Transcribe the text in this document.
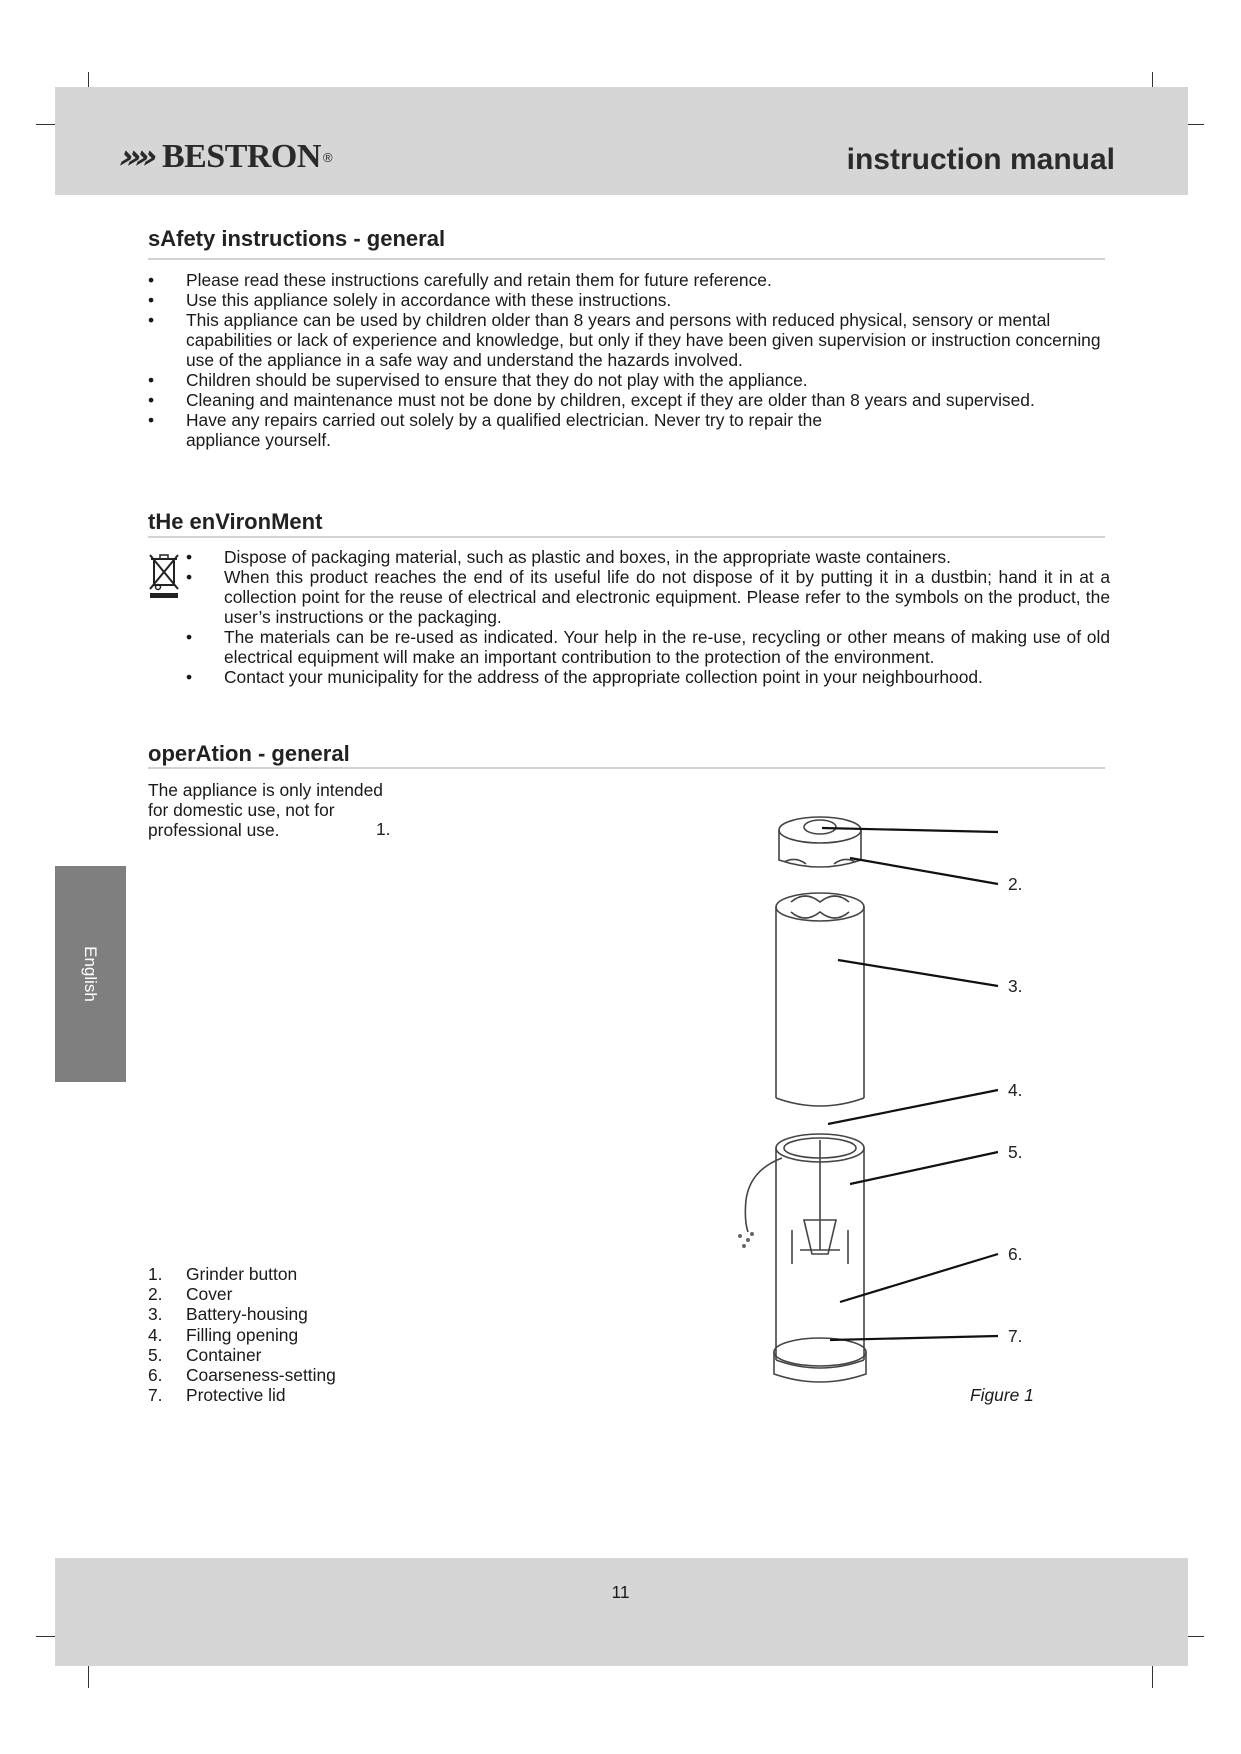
»» BESTRON ®	instruction manual
sAfety instructions - general
• Please read these instructions carefully and retain them for future reference.
• Use this appliance solely in accordance with these instructions.
• This appliance can be used by children older than 8 years and persons with reduced physical, sensory or mental capabilities or lack of experience and knowledge, but only if they have been given supervision or instruction concerning use of the appliance in a safe way and understand the hazards involved.
• Children should be supervised to ensure that they do not play with the appliance.
• Cleaning and maintenance must not be done by children, except if they are older than 8 years and supervised.
• Have any repairs carried out solely by a qualified electrician. Never try to repair the appliance yourself.
tHe enVironMent
• Dispose of packaging material, such as plastic and boxes, in the appropriate waste containers.
• When this product reaches the end of its useful life do not dispose of it by putting it in a dustbin; hand it in at a collection point for the reuse of electrical and electronic equipment. Please refer to the symbols on the product, the user’s instructions or the packaging.
• The materials can be re-used as indicated. Your help in the re-use, recycling or other means of making use of old electrical equipment will make an important contribution to the protection of the environment.
• Contact your municipality for the address of the appropriate collection point in your neighbourhood.
operAtion - general
The appliance is only intended for domestic use, not for professional use.
1.	Grinder button
2.	Cover
3.	Battery-housing
4.	Filling opening
5.	Container
6.	Coarseness-setting
7.	Protective lid
English
1.
2.
3.
4.
5.
6.
7.
Figure 1
11
